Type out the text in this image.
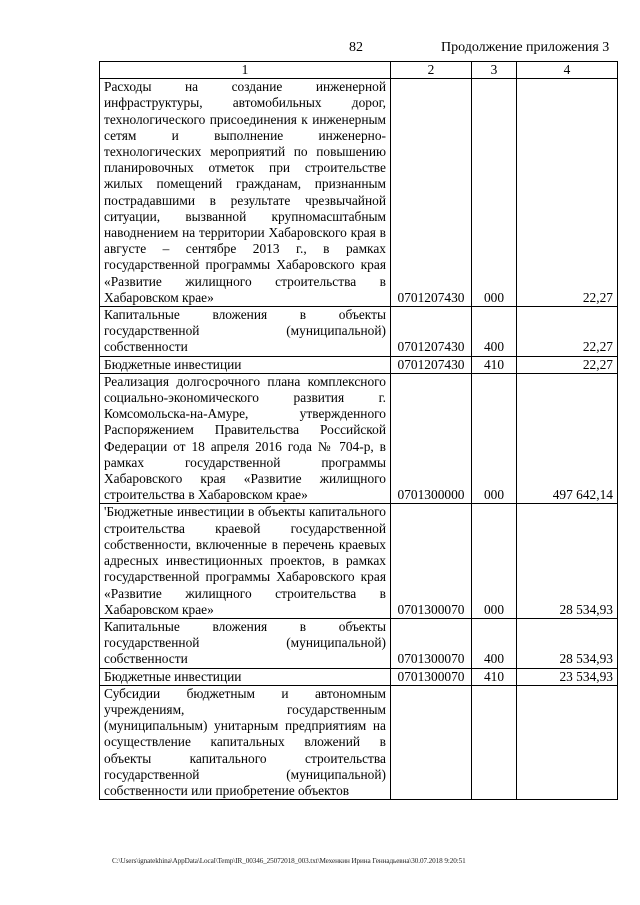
82	Продолжение приложения 3
1	2	3	4
Расходы на создание инженерной инфраструктуры, автомобильных дорог, технологического присоединения к инженерным сетям и выполнение инженерно-технологических мероприятий по повышению планировочных отметок при строительстве жилых помещений гражданам, признанным пострадавшими в результате чрезвычайной ситуации, вызванной крупномасштабным наводнением на территории Хабаровского края в августе – сентябре 2013 г., в рамках государственной программы Хабаровского края «Развитие жилищного строительства в Хабаровском крае»	0701207430	000	22,27
Капитальные вложения в объекты государственной (муниципальной) собственности	0701207430	400	22,27
Бюджетные инвестиции	0701207430	410	22,27
Реализация долгосрочного плана комплексного социально-экономического развития г. Комсомольска-на-Амуре, утвержденного Распоряжением Правительства Российской Федерации от 18 апреля 2016 года № 704-р, в рамках государственной программы Хабаровского края «Развитие жилищного строительства в Хабаровском крае»	0701300000	000	497 642,14
'Бюджетные инвестиции в объекты капитального строительства краевой государственной собственности, включенные в перечень краевых адресных инвестиционных проектов, в рамках государственной программы Хабаровского края «Развитие жилищного строительства в Хабаровском крае»	0701300070	000	28 534,93
Капитальные вложения в объекты государственной (муниципальной) собственности	0701300070	400	28 534,93
Бюджетные инвестиции	0701300070	410	23 534,93
Субсидии бюджетным и автономным учреждениям, государственным (муниципальным) унитарным предприятиям на осуществление капитальных вложений в объекты капитального строительства государственной (муниципальной) собственности или приобретение объектов			
C:\Users\ignatekhina\AppData\Local\Temp\IR_00346_25072018_003.txt\Мехенкин Ирина Геннадьевна\30.07.2018 9:20:51
